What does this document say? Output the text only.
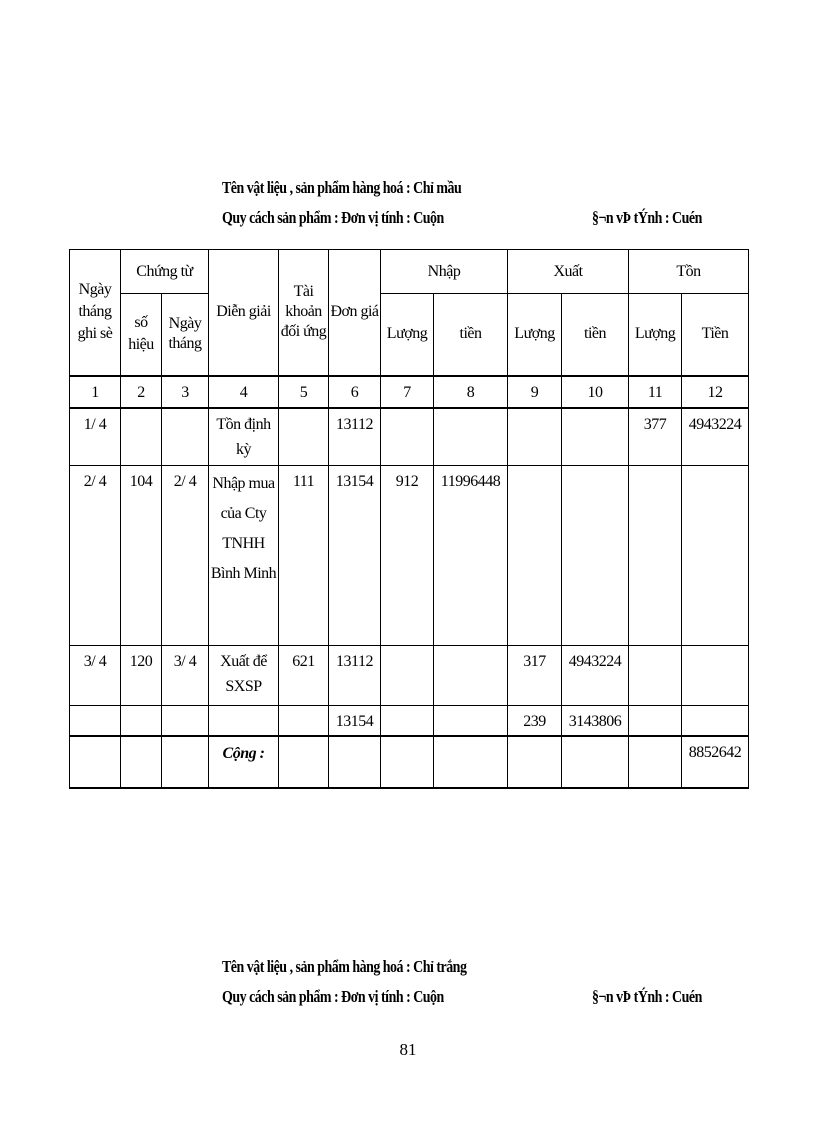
Tên vật liệu , sản phẩm hàng hoá : Chỉ mầu
Quy cách sản phẩm : Đơn vị tính : Cuộn	§¬n vÞ tÝnh : Cuén
Ngày tháng ghi sè	Chứng từ		Diễn giải	Tài khoản đối ứng	Đơn giá	Nhập		Xuất		Tồn	
	số hiệu	Ngày tháng				Lượng	tiền	Lượng	tiền	Lượng	Tiền
1	2	3	4	5	6	7	8	9	10	11	12
1/ 4			Tồn định kỳ		13112					377	4943224
2/ 4	104	2/ 4	Nhập mua của Cty TNHH Bình Minh	111	13154	912	11996448				
3/ 4	120	3/ 4	Xuất để SXSP	621	13112			317	4943224		
					13154			239	3143806		
			Cộng :								8852642
Tên vật liệu , sản phẩm hàng hoá : Chỉ trắng
Quy cách sản phẩm : Đơn vị tính : Cuộn	§¬n vÞ tÝnh : Cuén
81
